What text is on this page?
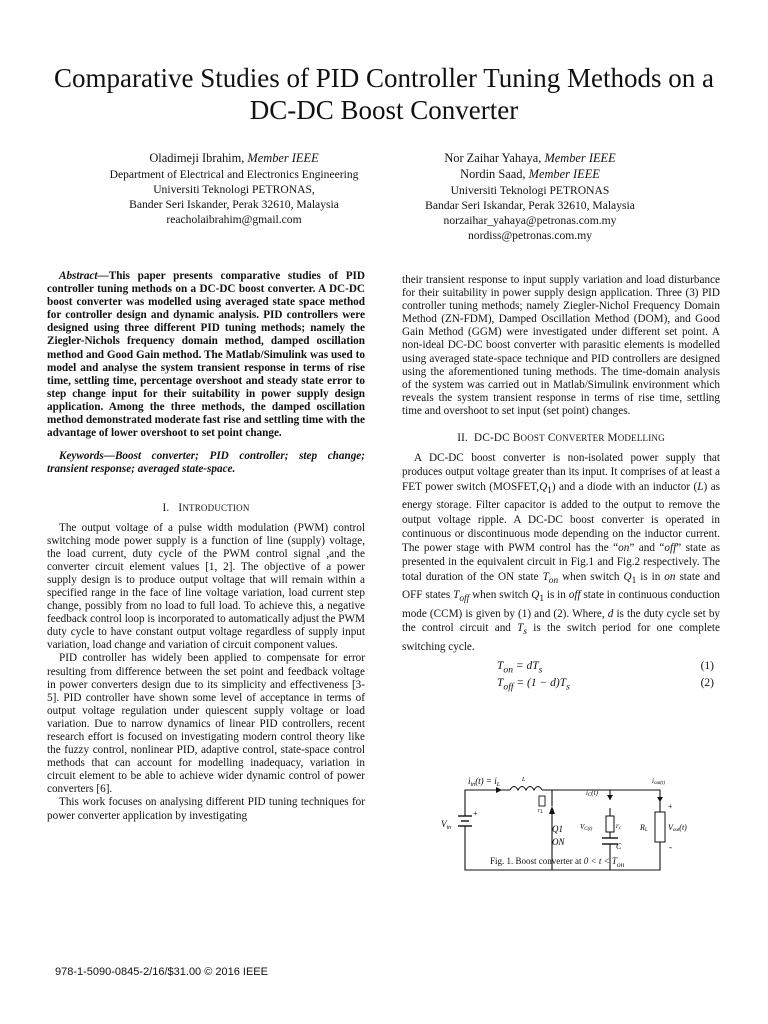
Comparative Studies of PID Controller Tuning Methods on a DC-DC Boost Converter
Oladimeji Ibrahim, Member IEEE
Department of Electrical and Electronics Engineering
Universiti Teknologi PETRONAS,
Bander Seri Iskander, Perak 32610, Malaysia
reacholaibrahim@gmail.com
Nor Zaihar Yahaya, Member IEEE
Nordin Saad, Member IEEE
Universiti Teknologi PETRONAS
Bandar Seri Iskandar, Perak 32610, Malaysia
norzaihar_yahaya@petronas.com.my
nordiss@petronas.com.my

Abstract—This paper presents comparative studies of PID controller tuning methods on a DC-DC boost converter. A DC-DC boost converter was modelled using averaged state space method for controller design and dynamic analysis. PID controllers were designed using three different PID tuning methods; namely the Ziegler-Nichols frequency domain method, damped oscillation method and Good Gain method. The Matlab/Simulink was used to model and analyse the system transient response in terms of rise time, settling time, percentage overshoot and steady state error to step change input for their suitability in power supply design application. Among the three methods, the damped oscillation method demonstrated moderate fast rise and settling time with the advantage of lower overshoot to set point change.

Keywords—Boost converter; PID controller; step change; transient response; averaged state-space.

I. INTRODUCTION

The output voltage of a pulse width modulation (PWM) control switching mode power supply is a function of line (supply) voltage, the load current, duty cycle of the PWM control signal ,and the converter circuit element values [1, 2]. The objective of a power supply design is to produce output voltage that will remain within a specified range in the face of line voltage variation, load current step change, possibly from no load to full load. To achieve this, a negative feedback control loop is incorporated to automatically adjust the PWM duty cycle to have constant output voltage regardless of supply input variation, load change and variation of circuit component values.

PID controller has widely been applied to compensate for error resulting from difference between the set point and feedback voltage in power converters design due to its simplicity and effectiveness [3-5]. PID controller have shown some level of acceptance in terms of output voltage regulation under quiescent supply voltage or load variation. Due to narrow dynamics of linear PID controllers, recent research effort is focused on investigating modern control theory like the fuzzy control, nonlinear PID, adaptive control, state-space control methods that can account for modelling inadequacy, variation in circuit element to be able to achieve wider dynamic control of power converters [6].

This work focuses on analysing different PID tuning techniques for power converter application by investigating

their transient response to input supply variation and load disturbance for their suitability in power supply design application. Three (3) PID controller tuning methods; namely Ziegler-Nichol Frequency Domain Method (ZN-FDM), Damped Oscillation Method (DOM), and Good Gain Method (GGM) were investigated under different set point. A non-ideal DC-DC boost converter with parasitic elements is modelled using averaged state-space technique and PID controllers are designed using the aforementioned tuning methods. The time-domain analysis of the system was carried out in Matlab/Simulink environment which reveals the system transient response in terms of rise time, settling time and overshoot to set input (set point) changes.

II. DC-DC BOOST CONVERTER MODELLING

A DC-DC boost converter is non-isolated power supply that produces output voltage greater than its input. It comprises of at least a FET power switch $(MOSFET,Q_1)$ and a diode with an inductor (L) as energy storage. Filter capacitor is added to the output to remove the output voltage ripple. A DC-DC boost converter is operated in continuous or discontinuous mode depending on the inductor current. The power stage with PWM control has the “on” and “off” state as presented in the equivalent circuit in Fig.1 and Fig.2 respectively. The total duration of the ON state $T_{on}$ when switch $Q_1$ is in on state and OFF states $T_{off}$ when switch $Q_1$ is in off state in continuous conduction mode (CCM) is given by (1) and (2). Where, d is the duty cycle set by the control circuit and $T_s$ is the switch period for one complete switching cycle.

$T_{on} = dT_s$	(1)
$T_{off} = (1 - d)T_s$	(2)
$i_{in}(t) = i_L$
L
rL
$V_{in}$
+
Q1
ON
iC(t)
VC(t)	rc
C
iout(t)
+
RL	Vout(t)
-
Fig. 1. Boost converter at $0 < t < T_{on}$
978-1-5090-0845-2/16/$31.00 © 2016 IEEE
